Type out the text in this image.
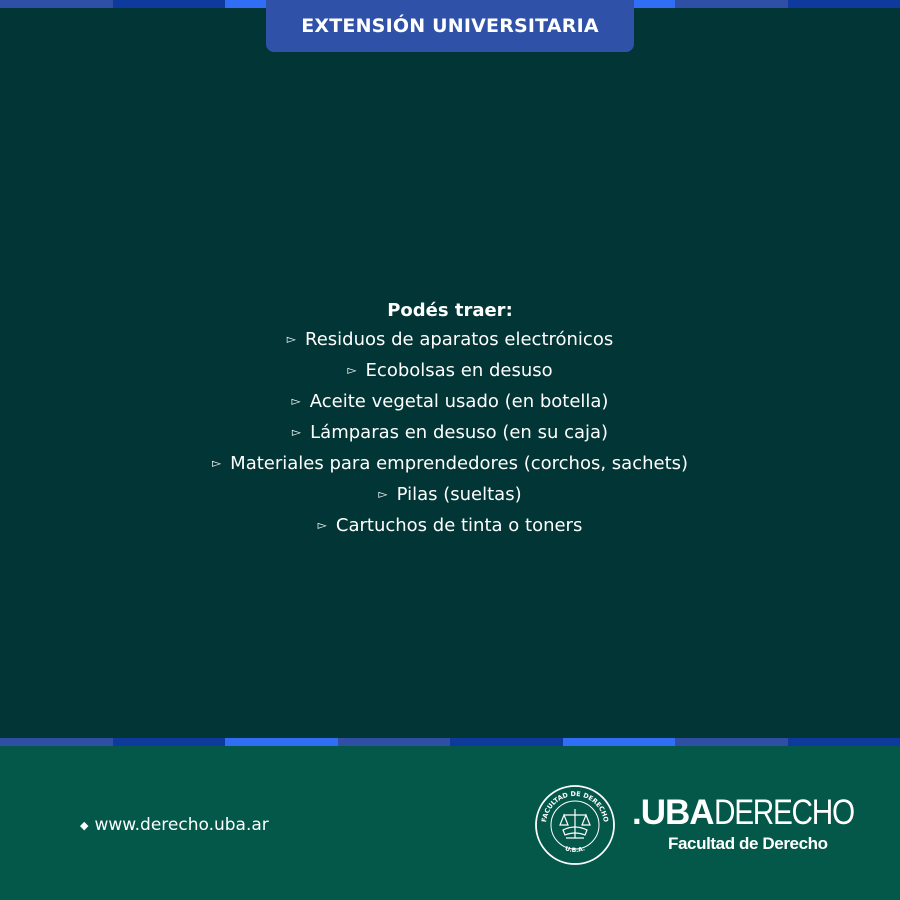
EXTENSIÓN UNIVERSITARIA
Podés traer:
▻ Residuos de aparatos electrónicos
▻ Ecobolsas en desuso
▻ Aceite vegetal usado (en botella)
▻ Lámparas en desuso (en su caja)
▻ Materiales para emprendedores (corchos, sachets)
▻ Pilas (sueltas)
▻ Cartuchos de tinta o toners
◆ www.derecho.uba.ar	FACULTAD DE DERECHO
U.B.A.
.UBADERECHO
Facultad de Derecho
